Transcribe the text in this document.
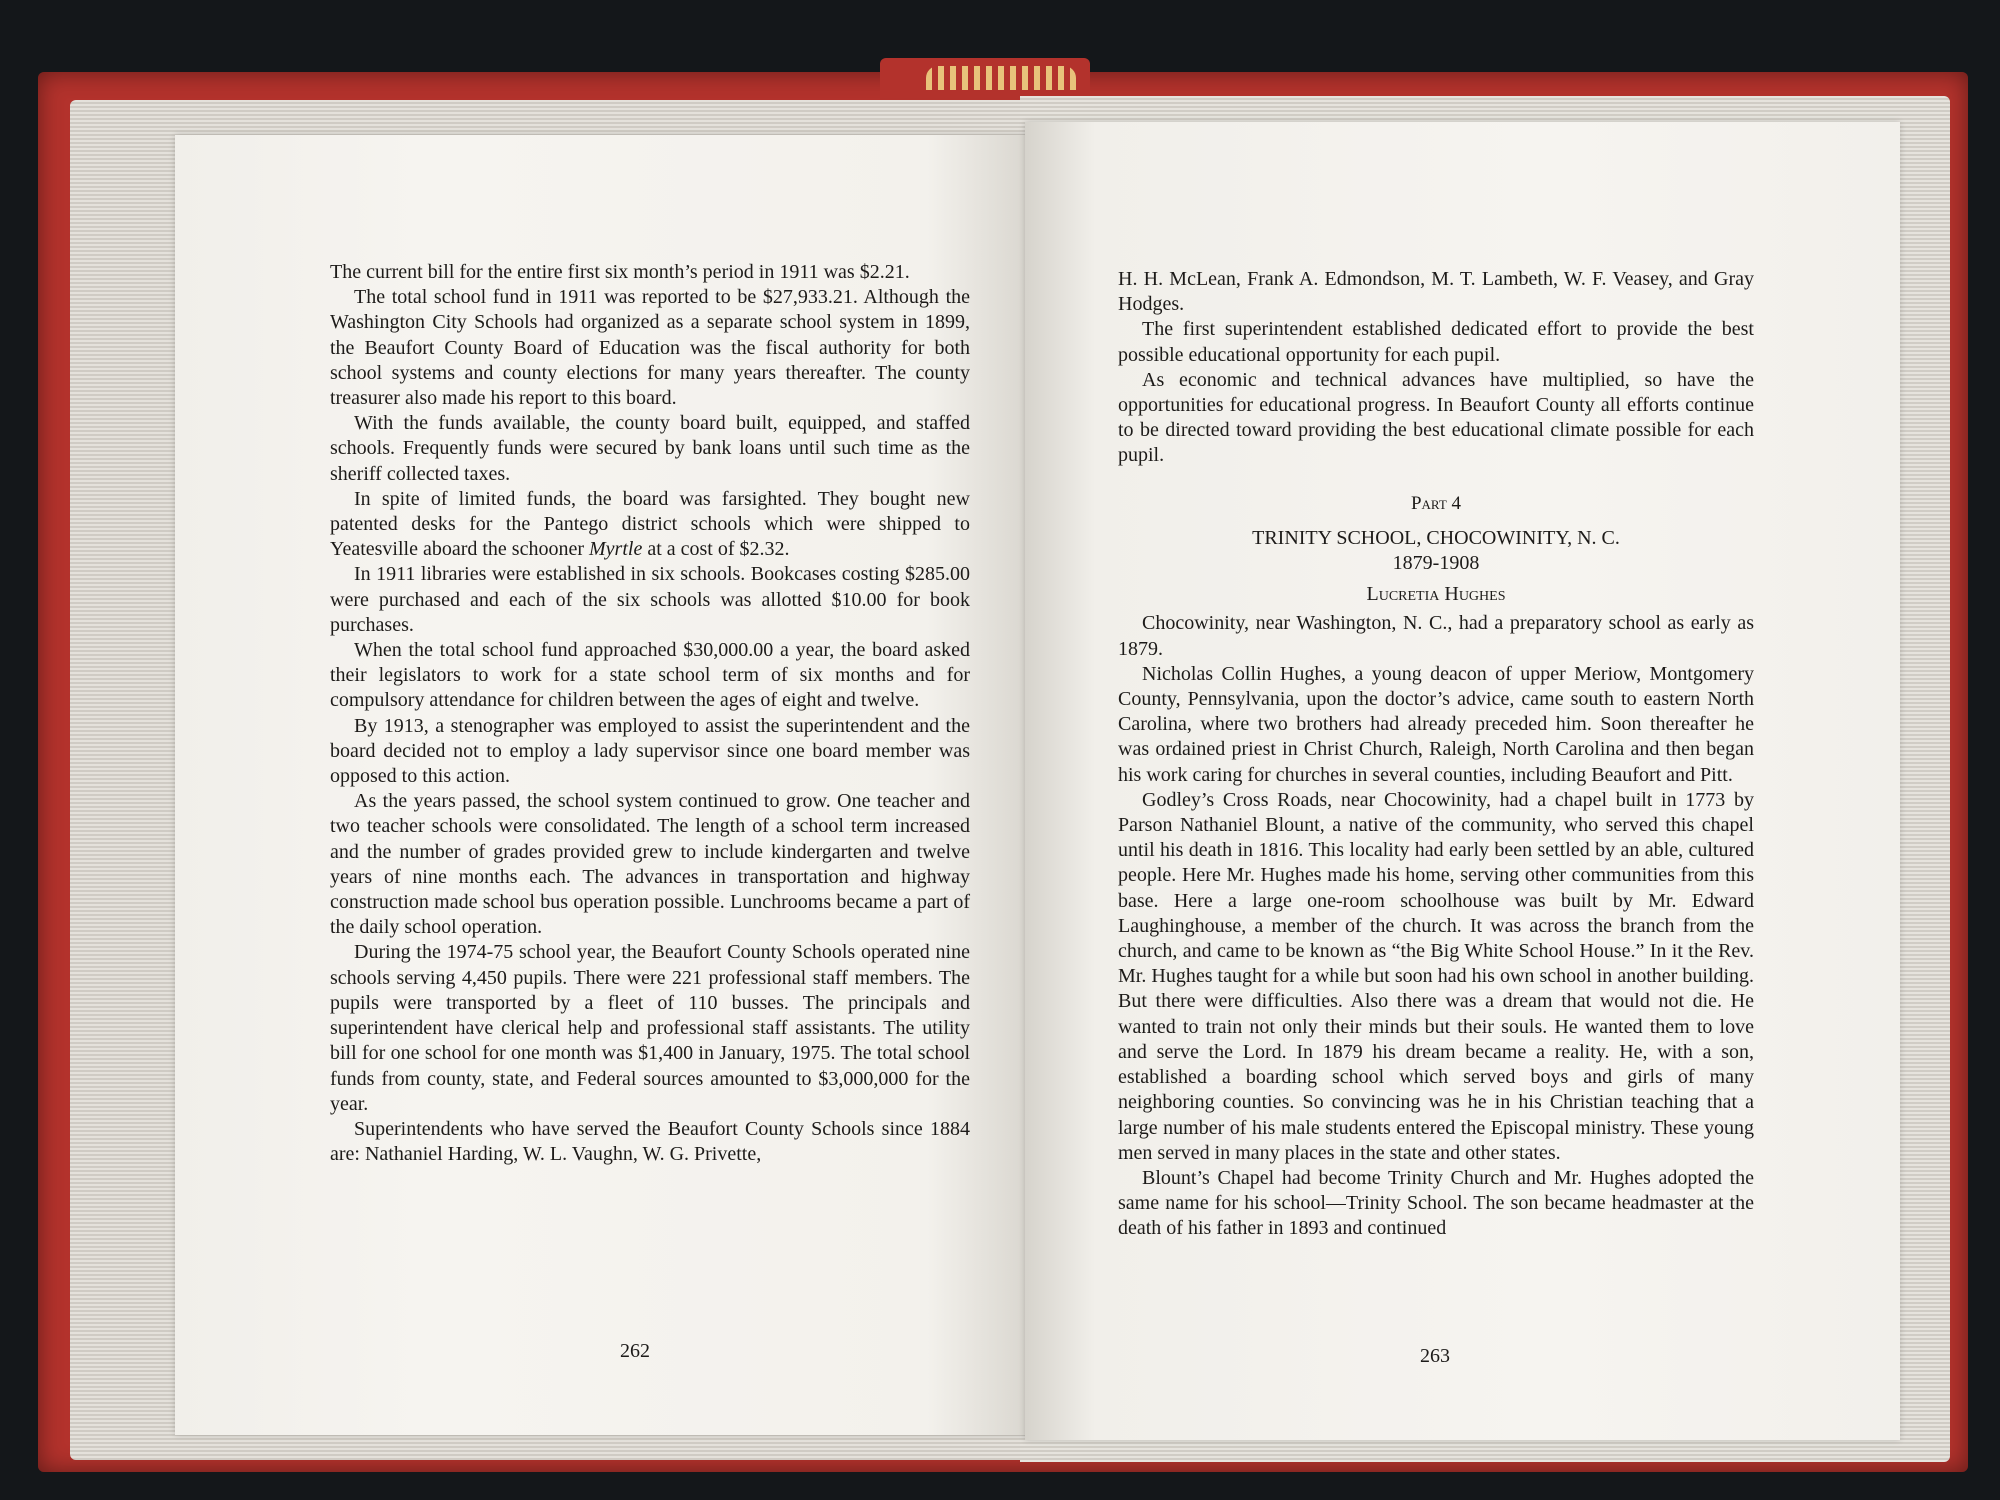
The current bill for the entire first six month’s period in 1911 was $2.21.

The total school fund in 1911 was reported to be $27,933.21. Although the Washington City Schools had organized as a separate school system in 1899, the Beaufort County Board of Education was the fiscal authority for both school systems and county elections for many years thereafter. The county treasurer also made his report to this board.

With the funds available, the county board built, equipped, and staffed schools. Frequently funds were secured by bank loans until such time as the sheriff collected taxes.

In spite of limited funds, the board was farsighted. They bought new patented desks for the Pantego district schools which were shipped to Yeatesville aboard the schooner Myrtle at a cost of $2.32.

In 1911 libraries were established in six schools. Bookcases costing $285.00 were purchased and each of the six schools was allotted $10.00 for book purchases.

When the total school fund approached $30,000.00 a year, the board asked their legislators to work for a state school term of six months and for compulsory attendance for children between the ages of eight and twelve.

By 1913, a stenographer was employed to assist the superintendent and the board decided not to employ a lady supervisor since one board member was opposed to this action.

As the years passed, the school system continued to grow. One teacher and two teacher schools were consolidated. The length of a school term increased and the number of grades provided grew to include kindergarten and twelve years of nine months each. The advances in transportation and highway construction made school bus operation possible. Lunchrooms became a part of the daily school operation.

During the 1974-75 school year, the Beaufort County Schools operated nine schools serving 4,450 pupils. There were 221 professional staff members. The pupils were transported by a fleet of 110 busses. The principals and superintendent have clerical help and professional staff assistants. The utility bill for one school for one month was $1,400 in January, 1975. The total school funds from county, state, and Federal sources amounted to $3,000,000 for the year.

Superintendents who have served the Beaufort County Schools since 1884 are: Nathaniel Harding, W. L. Vaughn, W. G. Privette,

262

H. H. McLean, Frank A. Edmondson, M. T. Lambeth, W. F. Veasey, and Gray Hodges.

The first superintendent established dedicated effort to provide the best possible educational opportunity for each pupil.

As economic and technical advances have multiplied, so have the opportunities for educational progress. In Beaufort County all efforts continue to be directed toward providing the best educational climate possible for each pupil.

Part 4

TRINITY SCHOOL, CHOCOWINITY, N. C.

1879-1908

Lucretia Hughes

Chocowinity, near Washington, N. C., had a preparatory school as early as 1879.

Nicholas Collin Hughes, a young deacon of upper Meriow, Montgomery County, Pennsylvania, upon the doctor’s advice, came south to eastern North Carolina, where two brothers had already preceded him. Soon thereafter he was ordained priest in Christ Church, Raleigh, North Carolina and then began his work caring for churches in several counties, including Beaufort and Pitt.

Godley’s Cross Roads, near Chocowinity, had a chapel built in 1773 by Parson Nathaniel Blount, a native of the community, who served this chapel until his death in 1816. This locality had early been settled by an able, cultured people. Here Mr. Hughes made his home, serving other communities from this base. Here a large one-room schoolhouse was built by Mr. Edward Laughinghouse, a member of the church. It was across the branch from the church, and came to be known as “the Big White School House.” In it the Rev. Mr. Hughes taught for a while but soon had his own school in another building. But there were difficulties. Also there was a dream that would not die. He wanted to train not only their minds but their souls. He wanted them to love and serve the Lord. In 1879 his dream became a reality. He, with a son, established a boarding school which served boys and girls of many neighboring counties. So convincing was he in his Christian teaching that a large number of his male students entered the Episcopal ministry. These young men served in many places in the state and other states.

Blount’s Chapel had become Trinity Church and Mr. Hughes adopted the same name for his school—Trinity School. The son became headmaster at the death of his father in 1893 and continued

263
